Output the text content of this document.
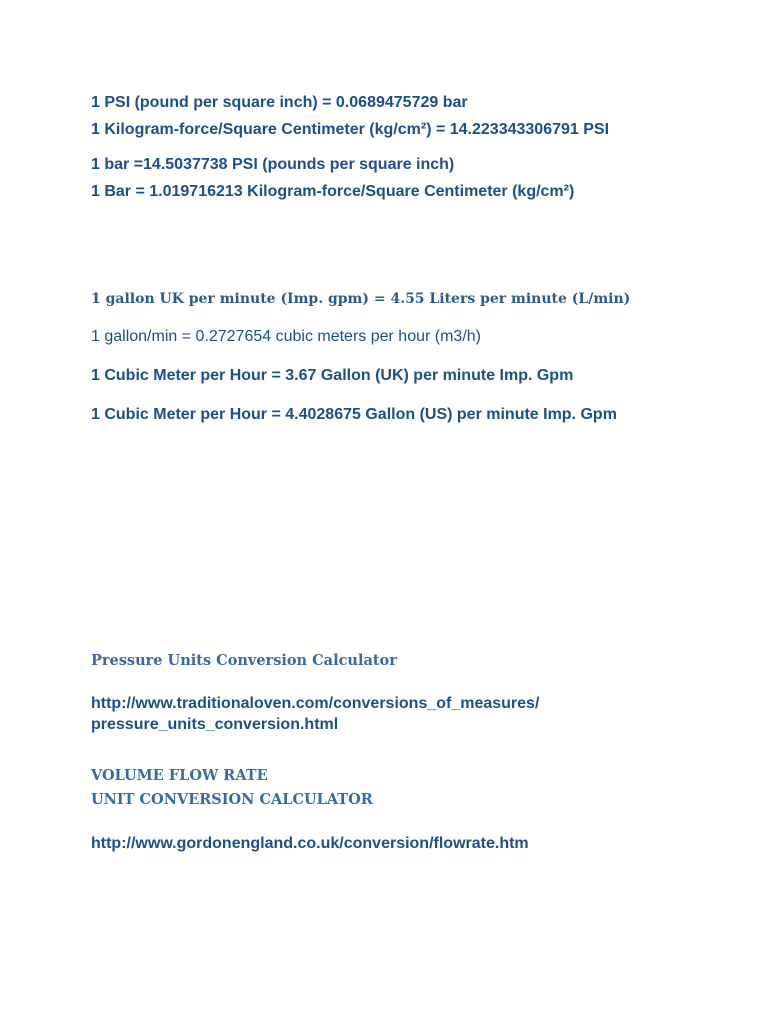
1 PSI (pound per square inch) = 0.0689475729 bar
1 Kilogram-force/Square Centimeter (kg/cm²) = 14.223343306791 PSI
1 bar =14.5037738 PSI (pounds per square inch)
1 Bar = 1.019716213 Kilogram-force/Square Centimeter (kg/cm²)
1 gallon UK per minute (Imp. gpm) = 4.55 Liters per minute (L/min)
1 gallon/min = 0.2727654 cubic meters per hour (m3/h)
1 Cubic Meter per Hour = 3.67 Gallon (UK) per minute Imp. Gpm
1 Cubic Meter per Hour = 4.4028675 Gallon (US) per minute Imp. Gpm
Pressure Units Conversion Calculator
http://www.traditionaloven.com/conversions_of_measures/
pressure_units_conversion.html
VOLUME FLOW RATE
UNIT CONVERSION CALCULATOR
http://www.gordonengland.co.uk/conversion/flowrate.htm
